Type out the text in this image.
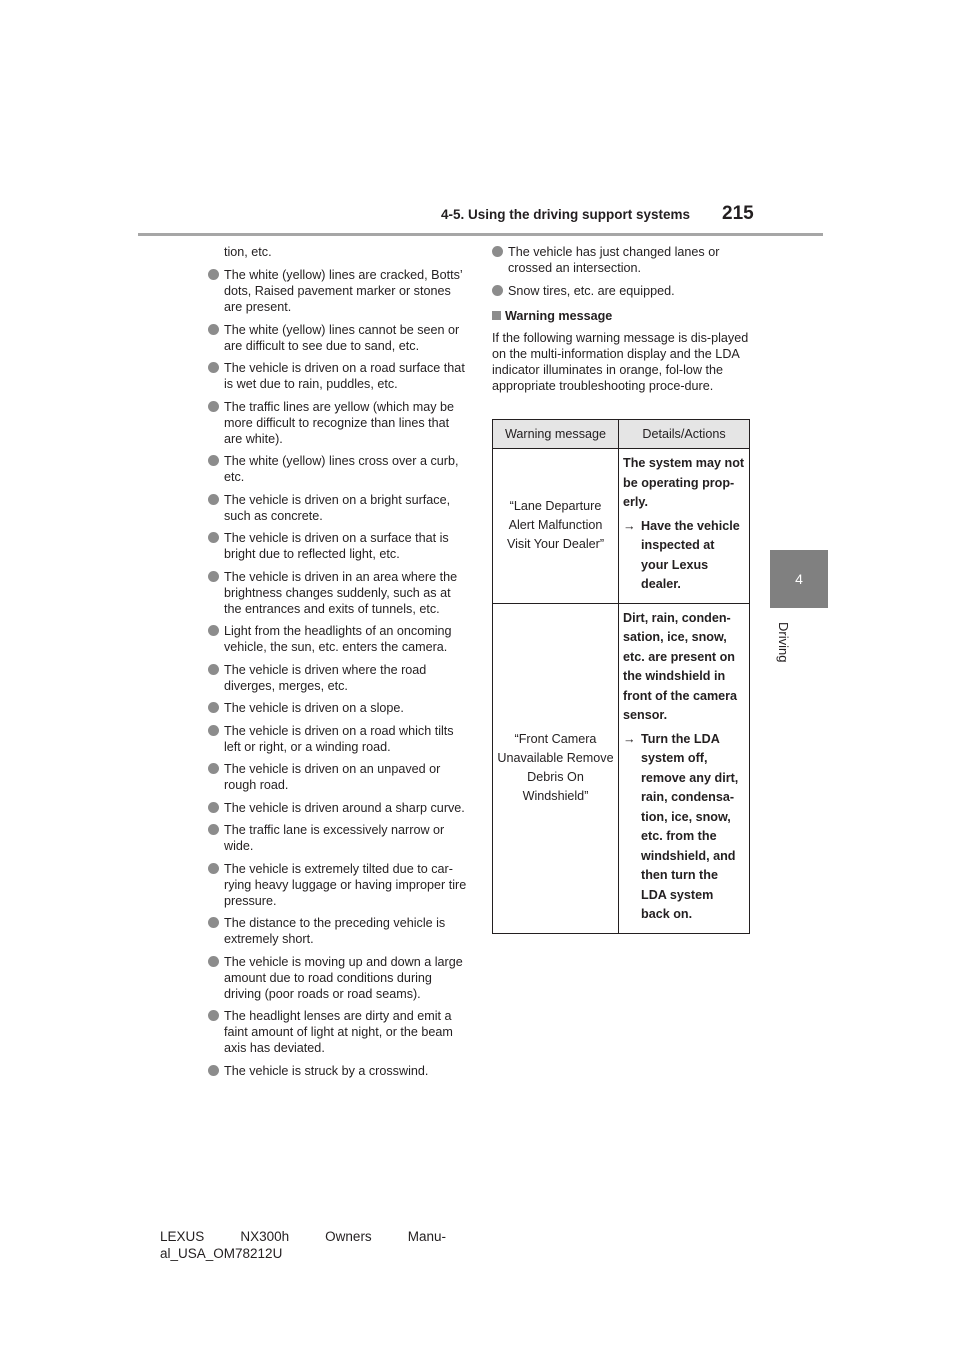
4-5. Using the driving support systems 215
4
Driving
tion, etc.
The white (yellow) lines are cracked, Botts’ dots, Raised pavement marker or stones are present.
The white (yellow) lines cannot be seen or are difficult to see due to sand, etc.
The vehicle is driven on a road surface that is wet due to rain, puddles, etc.
The traffic lines are yellow (which may be more difficult to recognize than lines that are white).
The white (yellow) lines cross over a curb, etc.
The vehicle is driven on a bright surface, such as concrete.
The vehicle is driven on a surface that is bright due to reflected light, etc.
The vehicle is driven in an area where the brightness changes suddenly, such as at the entrances and exits of tunnels, etc.
Light from the headlights of an oncoming vehicle, the sun, etc. enters the camera.
The vehicle is driven where the road diverges, merges, etc.
The vehicle is driven on a slope.
The vehicle is driven on a road which tilts left or right, or a winding road.
The vehicle is driven on an unpaved or rough road.
The vehicle is driven around a sharp curve.
The traffic lane is excessively narrow or wide.
The vehicle is extremely tilted due to car-rying heavy luggage or having improper tire pressure.
The distance to the preceding vehicle is extremely short.
The vehicle is moving up and down a large amount due to road conditions during driving (poor roads or road seams).
The headlight lenses are dirty and emit a faint amount of light at night, or the beam axis has deviated.
The vehicle is struck by a crosswind.
The vehicle has just changed lanes or crossed an intersection.
Snow tires, etc. are equipped.
Warning message
If the following warning message is dis-played on the multi-information display and the LDA indicator illuminates in orange, fol-low the appropriate troubleshooting proce-dure.
Warning message	Details/Actions
“Lane Departure Alert Malfunction Visit Your Dealer”	The system may not be operating prop-erly.
→ Have the vehicle inspected at your Lexus dealer.

“Front Camera Unavailable Remove Debris On Windshield”	Dirt, rain, conden-sation, ice, snow, etc. are present on the windshield in front of the camera sensor.
→ Turn the LDA system off, remove any dirt, rain, condensa-tion, ice, snow, etc. from the windshield, and then turn the LDA system back on.
LEXUS	NX300h	Owners	Manu-
al_USA_OM78212U
